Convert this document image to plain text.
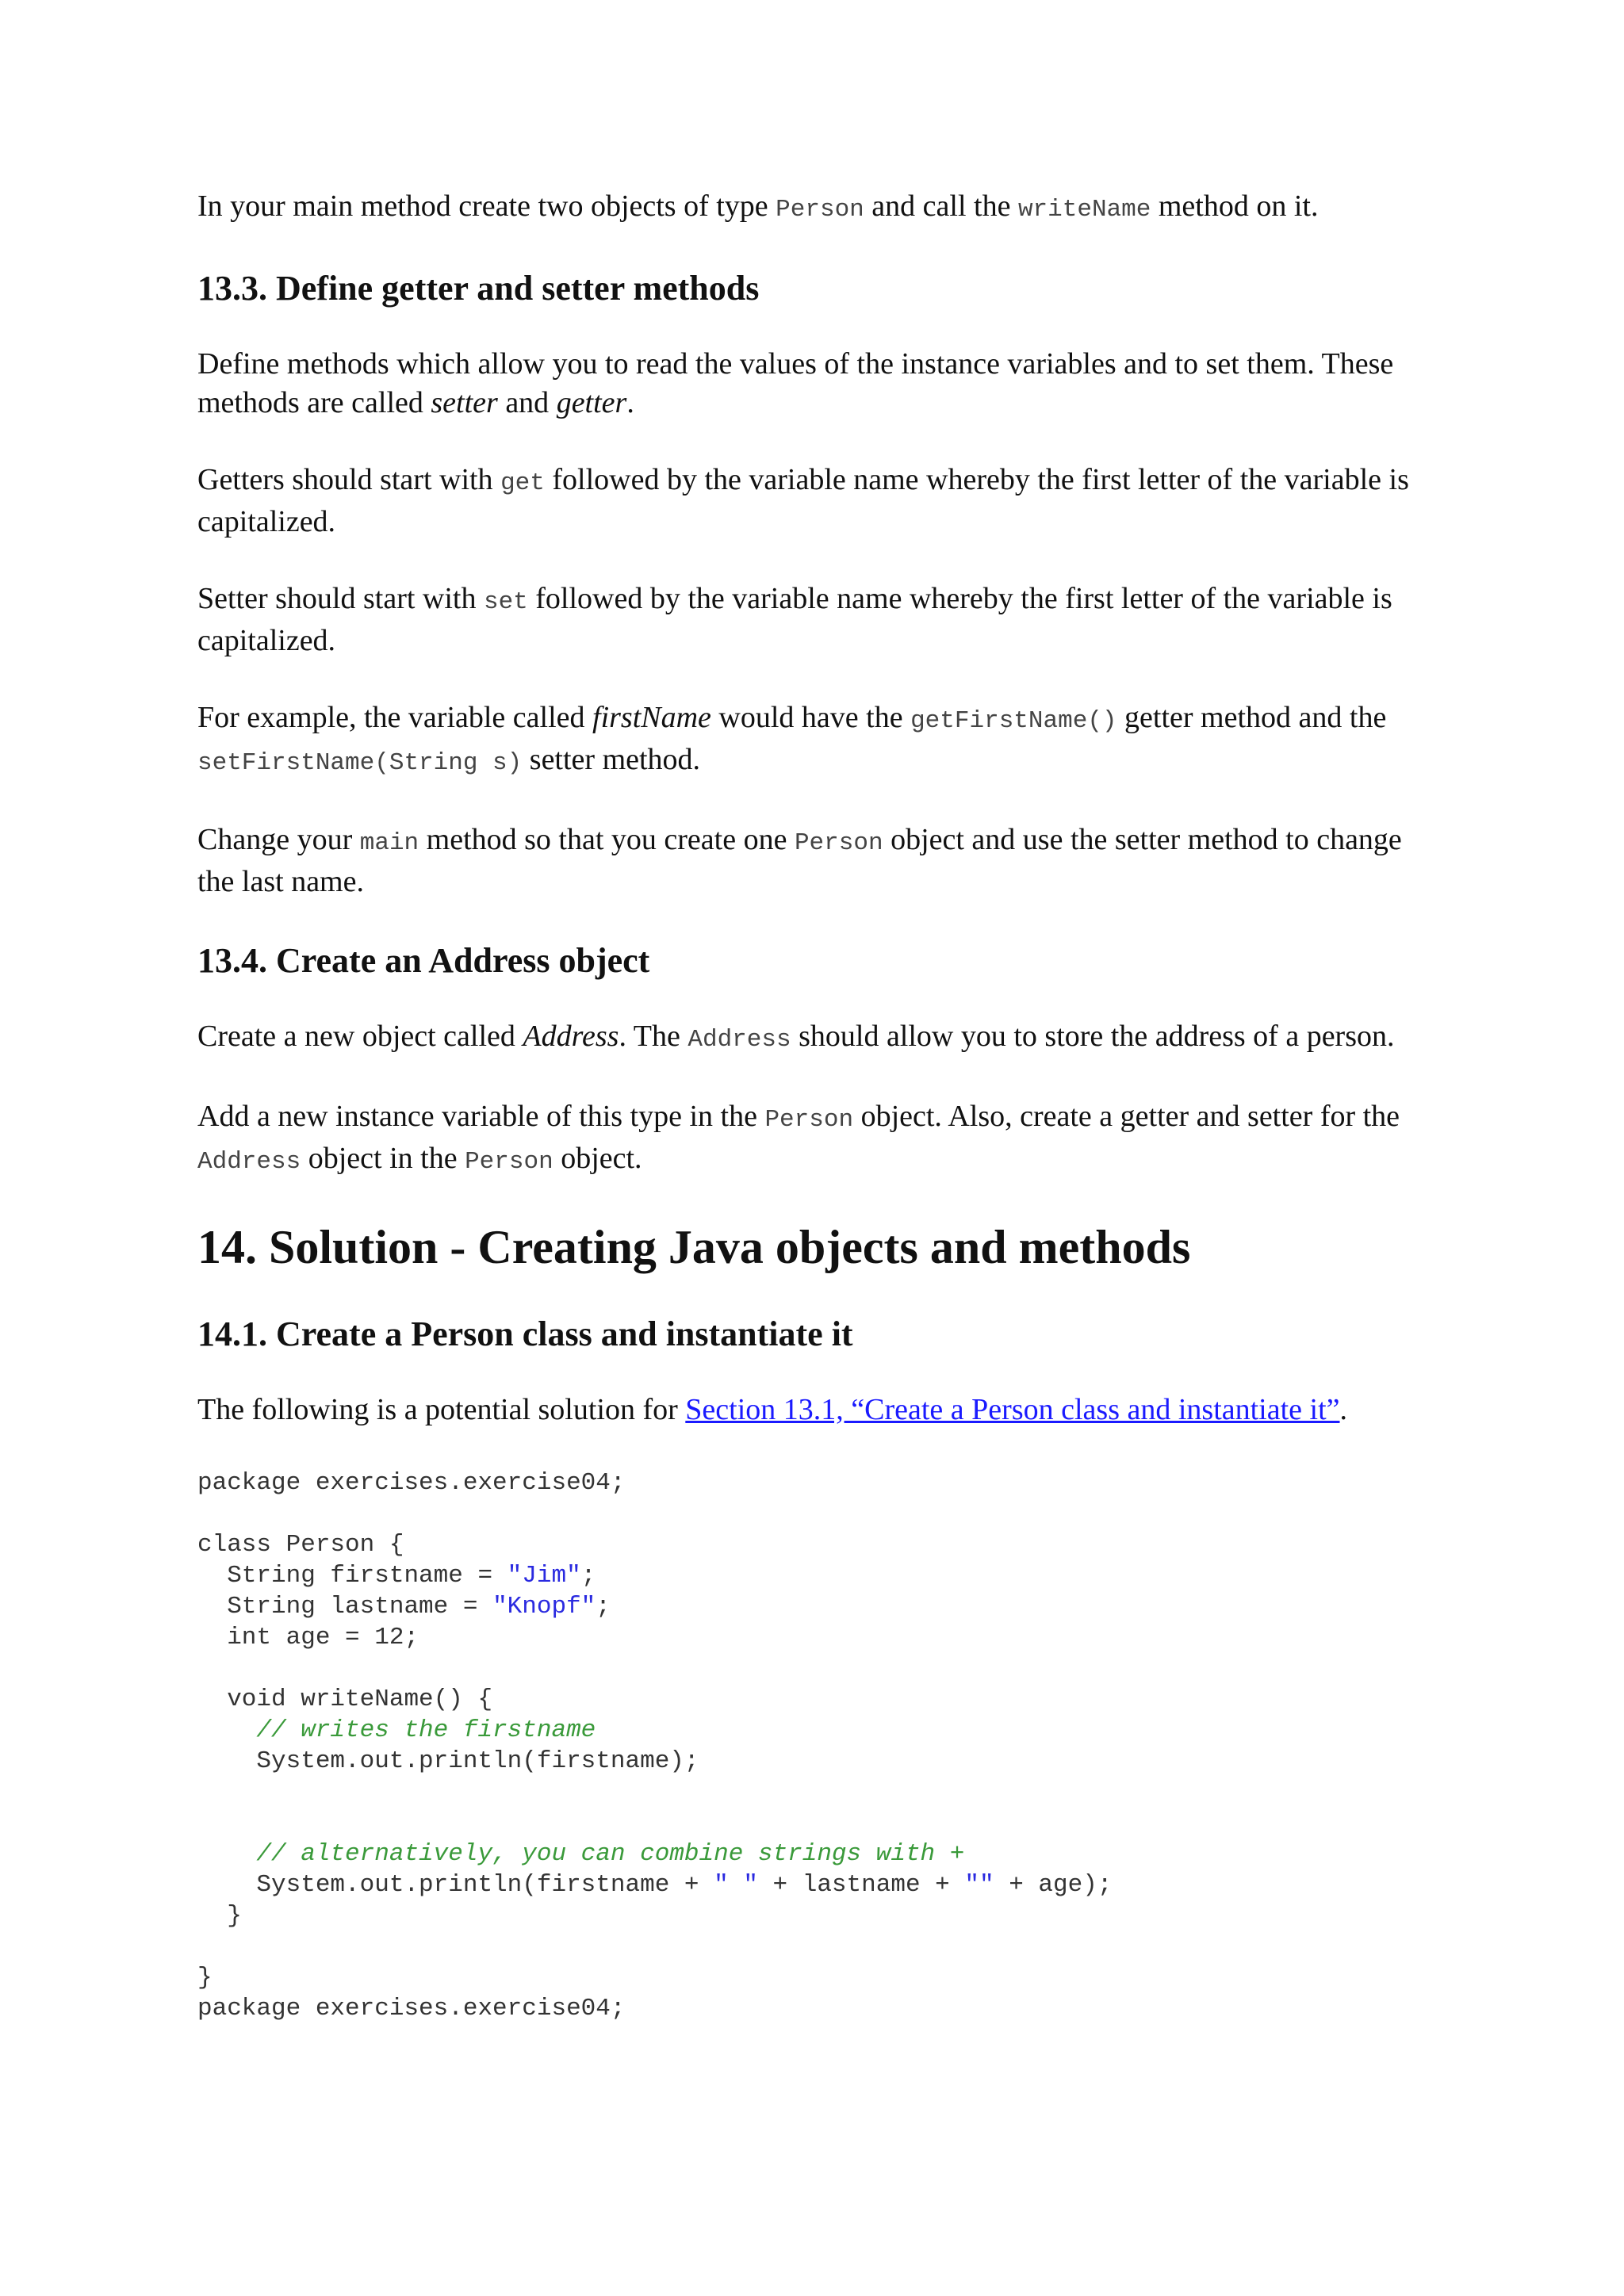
In your main method create two objects of type Person and call the writeName method on it.

13.3. Define getter and setter methods

Define methods which allow you to read the values of the instance variables and to set them. These methods are called setter and getter.

Getters should start with get followed by the variable name whereby the first letter of the variable is capitalized.

Setter should start with set followed by the variable name whereby the first letter of the variable is capitalized.

For example, the variable called firstName would have the getFirstName() getter method and the setFirstName(String s) setter method.

Change your main method so that you create one Person object and use the setter method to change the last name.

13.4. Create an Address object

Create a new object called Address. The Address should allow you to store the address of a person.

Add a new instance variable of this type in the Person object. Also, create a getter and setter for the Address object in the Person object.

14. Solution - Creating Java objects and methods
14.1. Create a Person class and instantiate it

The following is a potential solution for Section 13.1, “Create a Person class and instantiate it”.

package exercises.exercise04;
class Person {
String firstname = "Jim";
String lastname = "Knopf";
int age = 12;
void writeName() {
// writes the firstname
System.out.println(firstname);
// alternatively, you can combine strings with +
System.out.println(firstname + " " + lastname + "" + age);
}
}
package exercises.exercise04;
